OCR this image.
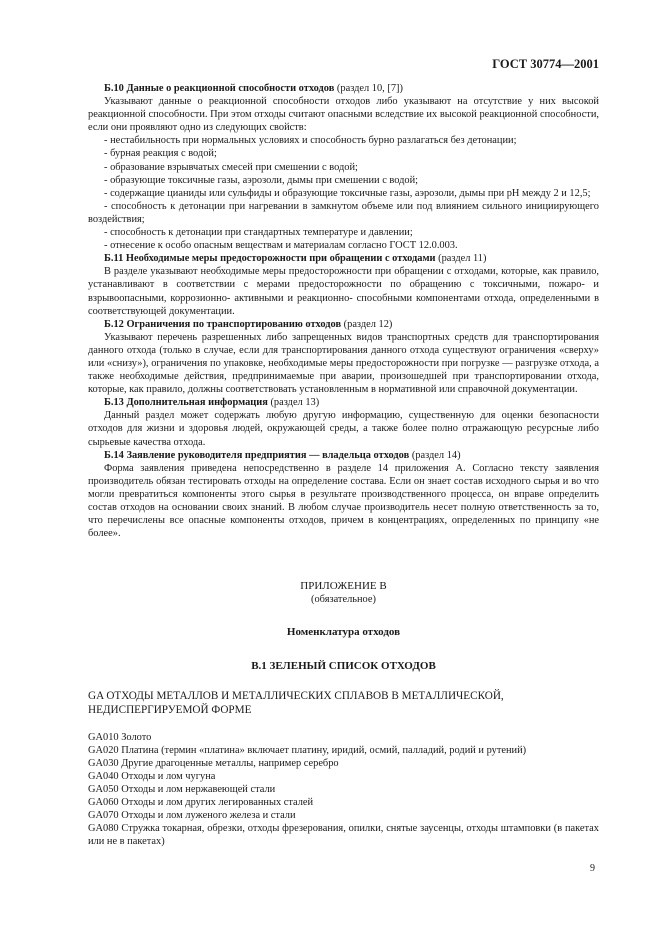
ГОСТ 30774—2001

Б.10 Данные о реакционной способности отходов (раздел 10, [7])

Указывают данные о реакционной способности отходов либо указывают на отсутствие у них высокой реакционной способности. При этом отходы считают опасными вследствие их высокой реакционной способности, если они проявляют одно из следующих свойств:

- нестабильность при нормальных условиях и способность бурно разлагаться без детонации;

- бурная реакция с водой;

- образование взрывчатых смесей при смешении с водой;

- образующие токсичные газы, аэрозоли, дымы при смешении с водой;

- содержащие цианиды или сульфиды и образующие токсичные газы, аэрозоли, дымы при pH между 2 и 12,5;

- способность к детонации при нагревании в замкнутом объеме или под влиянием сильного инициирующего воздействия;

- способность к детонации при стандартных температуре и давлении;

- отнесение к особо опасным веществам и материалам согласно ГОСТ 12.0.003.

Б.11 Необходимые меры предосторожности при обращении с отходами (раздел 11)

В разделе указывают необходимые меры предосторожности при обращении с отходами, которые, как правило, устанавливают в соответствии с мерами предосторожности по обращению с токсичными, пожаро- и взрывоопасными, коррозионно- активными и реакционно- способными компонентами отхода, определенными в соответствующей документации.

Б.12 Ограничения по транспортированию отходов (раздел 12)

Указывают перечень разрешенных либо запрещенных видов транспортных средств для транспортирования данного отхода (только в случае, если для транспортирования данного отхода существуют ограничения «сверху» или «снизу»), ограничения по упаковке, необходимые меры предосторожности при погрузке — разгрузке отхода, а также необходимые действия, предпринимаемые при аварии, произошедшей при транспортировании отхода, которые, как правило, должны соответствовать установленным в нормативной или справочной документации.

Б.13 Дополнительная информация (раздел 13)

Данный раздел может содержать любую другую информацию, существенную для оценки безопасности отходов для жизни и здоровья людей, окружающей среды, а также более полно отражающую ресурсные либо сырьевые качества отхода.

Б.14 Заявление руководителя предприятия — владельца отходов (раздел 14)

Форма заявления приведена непосредственно в разделе 14 приложения А. Согласно тексту заявления производитель обязан тестировать отходы на определение состава. Если он знает состав исходного сырья и во что могли превратиться компоненты этого сырья в результате производственного процесса, он вправе определить состав отходов на основании своих знаний. В любом случае производитель несет полную ответственность за то, что перечислены все опасные компоненты отходов, причем в концентрациях, определенных по принципу «не более».

ПРИЛОЖЕНИЕ В

(обязательное)

Номенклатура отходов

В.1 ЗЕЛЕНЫЙ СПИСОК ОТХОДОВ

GA ОТХОДЫ МЕТАЛЛОВ И МЕТАЛЛИЧЕСКИХ СПЛАВОВ В МЕТАЛЛИЧЕСКОЙ, НЕДИСПЕРГИРУЕМОЙ ФОРМЕ

GA010 Золото

GA020 Платина (термин «платина» включает платину, иридий, осмий, палладий, родий и рутений)

GA030 Другие драгоценные металлы, например серебро

GA040 Отходы и лом чугуна

GA050 Отходы и лом нержавеющей стали

GA060 Отходы и лом других легированных сталей

GA070 Отходы и лом луженого железа и стали

GA080 Стружка токарная, обрезки, отходы фрезерования, опилки, снятые заусенцы, отходы штамповки (в пакетах или не в пакетах)

9
